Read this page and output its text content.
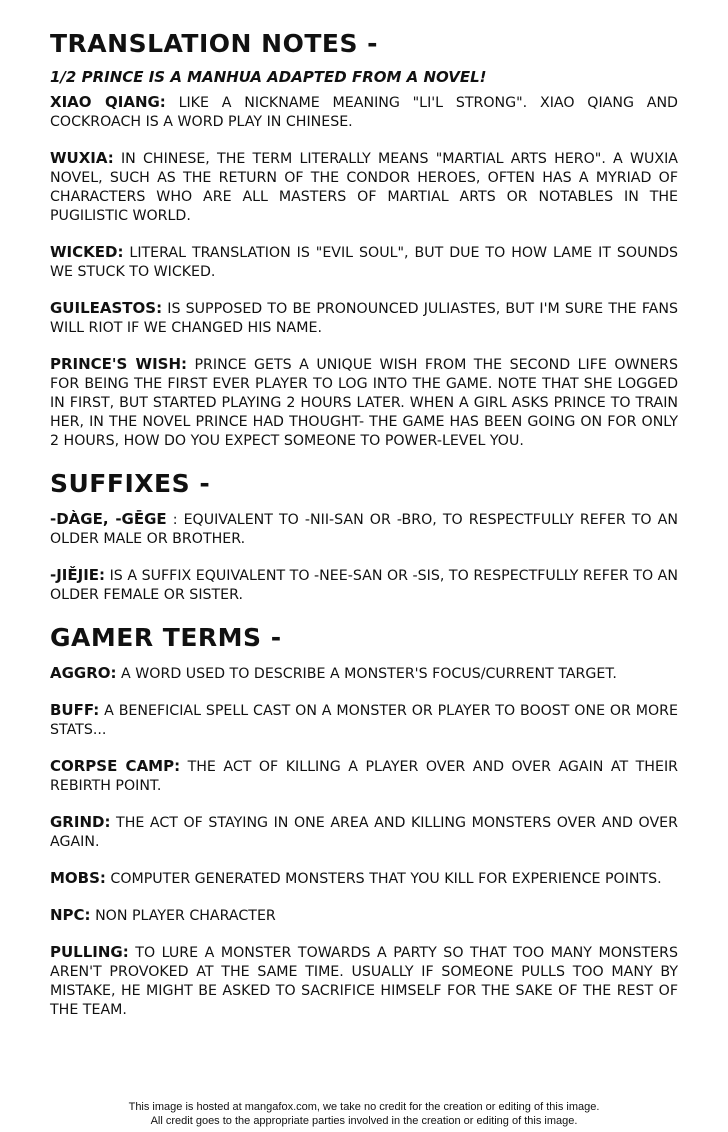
TRANSLATION NOTES -
1/2 PRINCE IS A MANHUA ADAPTED FROM A NOVEL!
XIAO QIANG: LIKE A NICKNAME MEANING "LI'L STRONG". XIAO QIANG AND COCKROACH IS A WORD PLAY IN CHINESE.
WUXIA: IN CHINESE, THE TERM LITERALLY MEANS "MARTIAL ARTS HERO". A WUXIA NOVEL, SUCH AS THE RETURN OF THE CONDOR HEROES, OFTEN HAS A MYRIAD OF CHARACTERS WHO ARE ALL MASTERS OF MARTIAL ARTS OR NOTABLES IN THE PUGILISTIC WORLD.
WICKED: LITERAL TRANSLATION IS "EVIL SOUL", BUT DUE TO HOW LAME IT SOUNDS WE STUCK TO WICKED.
GUILEASTOS: IS SUPPOSED TO BE PRONOUNCED JULIASTES, BUT I'M SURE THE FANS WILL RIOT IF WE CHANGED HIS NAME.
PRINCE'S WISH: PRINCE GETS A UNIQUE WISH FROM THE SECOND LIFE OWNERS FOR BEING THE FIRST EVER PLAYER TO LOG INTO THE GAME. NOTE THAT SHE LOGGED IN FIRST, BUT STARTED PLAYING 2 HOURS LATER. WHEN A GIRL ASKS PRINCE TO TRAIN HER, IN THE NOVEL PRINCE HAD THOUGHT- THE GAME HAS BEEN GOING ON FOR ONLY 2 HOURS, HOW DO YOU EXPECT SOMEONE TO POWER-LEVEL YOU.
SUFFIXES -
-DÀGE, -GĒGE : EQUIVALENT TO -NII-SAN OR -BRO, TO RESPECTFULLY REFER TO AN OLDER MALE OR BROTHER.
-JIĚJIE: IS A SUFFIX EQUIVALENT TO -NEE-SAN OR -SIS, TO RESPECTFULLY REFER TO AN OLDER FEMALE OR SISTER.
GAMER TERMS -
AGGRO: A WORD USED TO DESCRIBE A MONSTER'S FOCUS/CURRENT TARGET.
BUFF: A BENEFICIAL SPELL CAST ON A MONSTER OR PLAYER TO BOOST ONE OR MORE STATS...
CORPSE CAMP: THE ACT OF KILLING A PLAYER OVER AND OVER AGAIN AT THEIR REBIRTH POINT.
GRIND: THE ACT OF STAYING IN ONE AREA AND KILLING MONSTERS OVER AND OVER AGAIN.
MOBS: COMPUTER GENERATED MONSTERS THAT YOU KILL FOR EXPERIENCE POINTS.
NPC: NON PLAYER CHARACTER
PULLING: TO LURE A MONSTER TOWARDS A PARTY SO THAT TOO MANY MONSTERS AREN'T PROVOKED AT THE SAME TIME. USUALLY IF SOMEONE PULLS TOO MANY BY MISTAKE, HE MIGHT BE ASKED TO SACRIFICE HIMSELF FOR THE SAKE OF THE REST OF THE TEAM.
This image is hosted at mangafox.com, we take no credit for the creation or editing of this image.
All credit goes to the appropriate parties involved in the creation or editing of this image.
